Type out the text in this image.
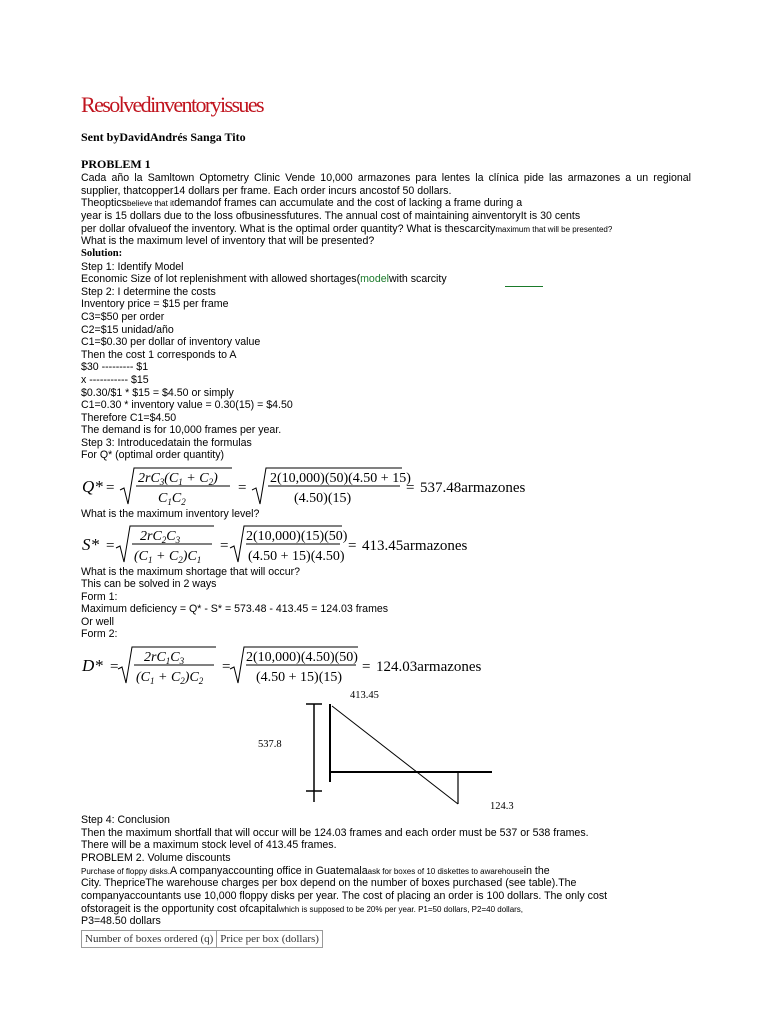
Resolvedinventoryissues
Sent byDavidAndrés Sanga Tito
PROBLEM 1
Cada año la Samltown Optometry Clinic Vende 10,000 armazones para lentes la clínica pide las armazones a un regional supplier, thatcopper14 dollars per frame. Each order incurs ancostof 50 dollars.
Theopticsbelieve that itdemandof frames can accumulate and the cost of lacking a frame during a
year is 15 dollars due to the loss ofbusinessfutures. The annual cost of maintaining ainventoryIt is 30 cents
per dollar ofvalueof the inventory. What is the optimal order quantity? What is thescarcitymaximum that will be presented?
What is the maximum level of inventory that will be presented?
Solution:
Step 1: Identify Model
Economic Size of lot replenishment with allowed shortages(modelwith scarcity
Step 2: I determine the costs
Inventory price = $15 per frame
C3=$50 per order
C2=$15 unidad/año
C1=$0.30 per dollar of inventory value
Then the cost 1 corresponds to A
$30 --------- $1
x ----------- $15
$0.30/$1 * $15 = $4.50 or simply
C1=0.30 * inventory value = 0.30(15) = $4.50
Therefore C1=$4.50
The demand is for 10,000 frames per year.
Step 3: Introducedatain the formulas
For Q* (optimal order quantity)
Q* =
$2rC_3(C_1 + C_2)$
$C_1C_2$
=
2(10,000)(50)(4.50 + 15)
(4.50)(15)
= 537.48armazones
What is the maximum inventory level?
S* =
$2rC_2C_3$
$(C_1 + C_2)C_1$
=
2(10,000)(15)(50)
(4.50 + 15)(4.50)
= 413.45armazones
What is the maximum shortage that will occur?
This can be solved in 2 ways
Form 1:
Maximum deficiency = Q* - S* = 573.48 - 413.45 = 124.03 frames
Or well
Form 2:
D* =
$2rC_1C_3$
$(C_1 + C_2)C_2$
=
2(10,000)(4.50)(50)
(4.50 + 15)(15)
= 124.03armazones
413.45
537.8
124.3
Step 4: Conclusion
Then the maximum shortfall that will occur will be 124.03 frames and each order must be 537 or 538 frames.
There will be a maximum stock level of 413.45 frames.
PROBLEM 2. Volume discounts
Purchase of floppy disks.A companyaccounting office in Guatemalaask for boxes of 10 diskettes to awarehousein the
City. ThepriceThe warehouse charges per box depend on the number of boxes purchased (see table).The
companyaccountants use 10,000 floppy disks per year. The cost of placing an order is 100 dollars. The only cost
ofstorageit is the opportunity cost ofcapitalwhich is supposed to be 20% per year. P1=50 dollars, P2=40 dollars,
P3=48.50 dollars
Number of boxes ordered (q)	Price per box (dollars)
